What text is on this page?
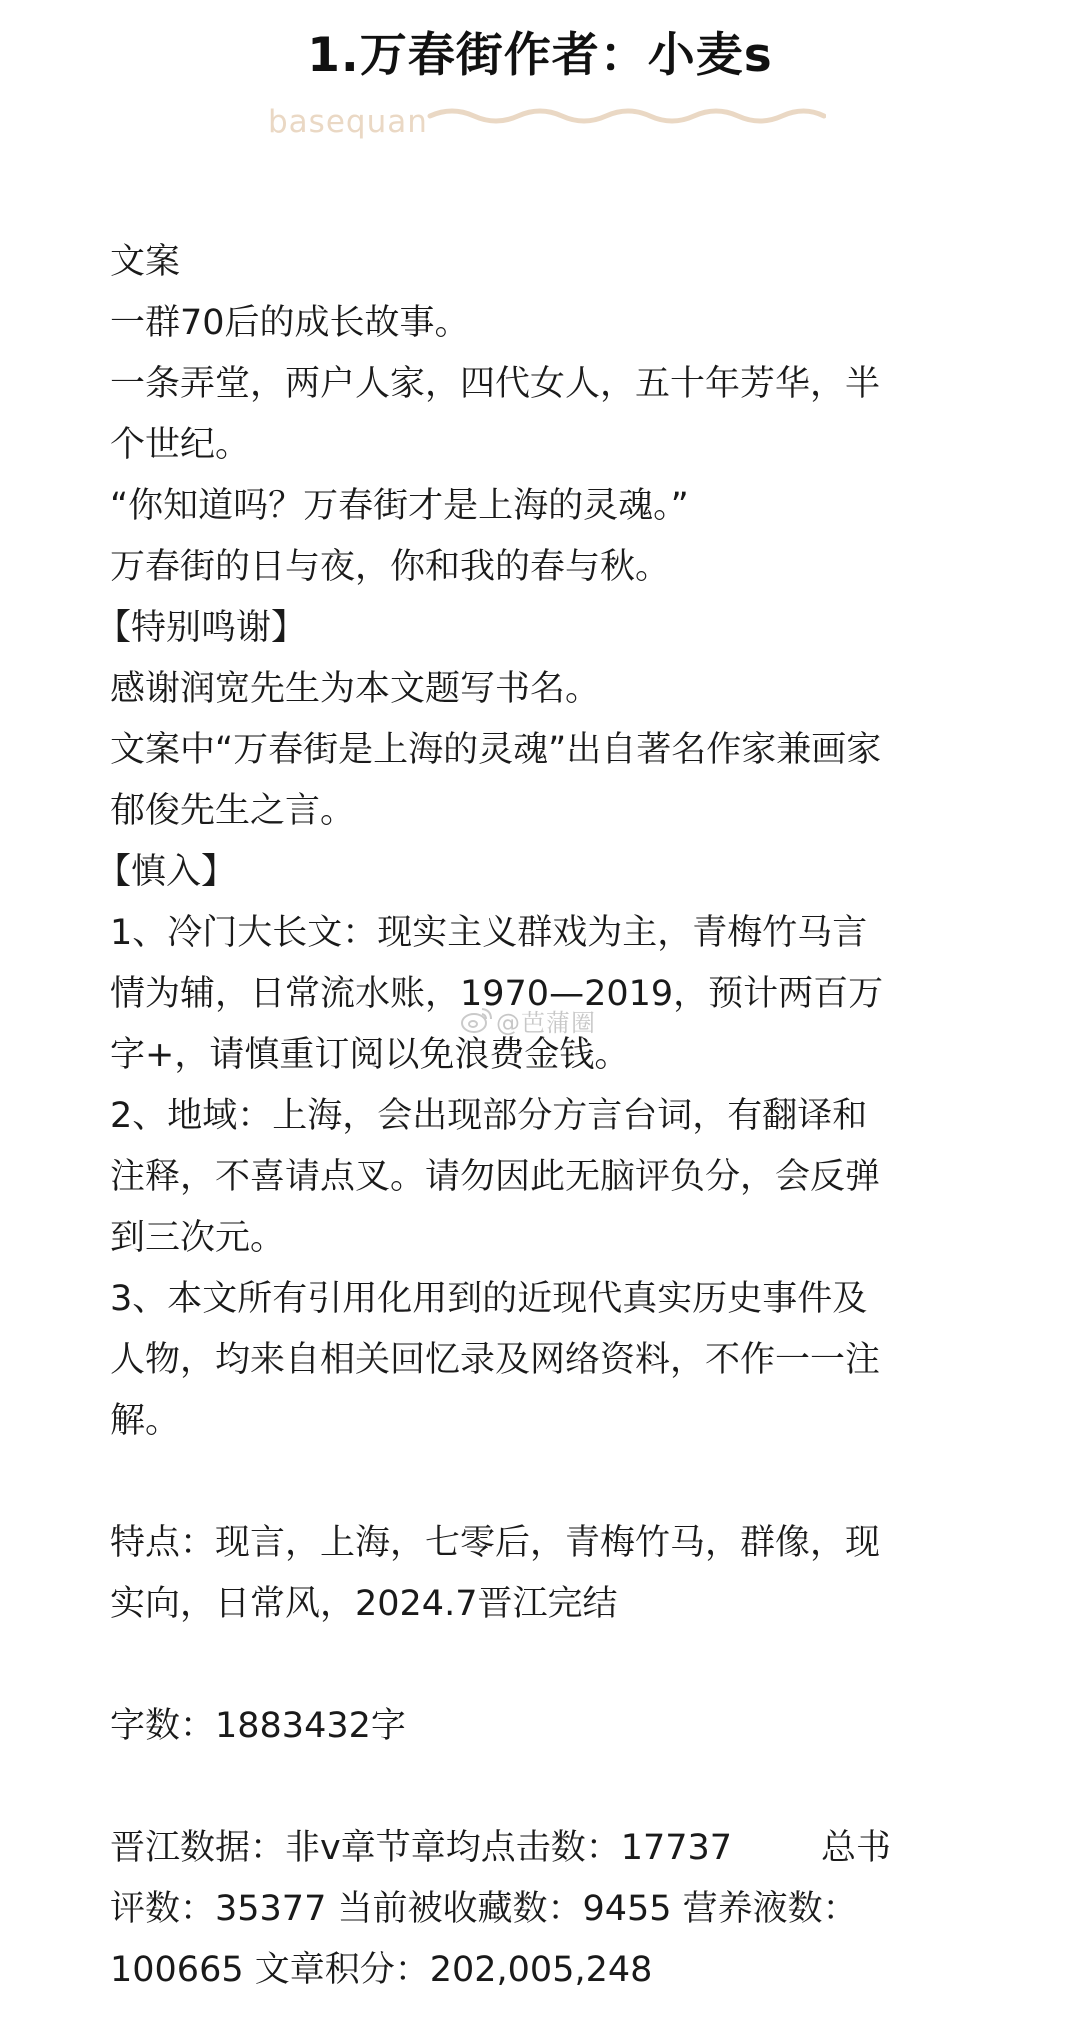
1.万春街作者：小麦s
basequan
文案
一群70后的成长故事。
一条弄堂，两户人家，四代女人，五十年芳华，半
个世纪。
“你知道吗？万春街才是上海的灵魂。”
万春街的日与夜，你和我的春与秋。
【特别鸣谢】
感谢润宽先生为本文题写书名。
文案中“万春街是上海的灵魂”出自著名作家兼画家
郁俊先生之言。
【慎入】
1、冷门大长文：现实主义群戏为主，青梅竹马言
情为辅，日常流水账，1970—2019，预计两百万
字+，请慎重订阅以免浪费金钱。
2、地域：上海，会出现部分方言台词，有翻译和
注释，不喜请点叉。请勿因此无脑评负分，会反弹
到三次元。
3、本文所有引用化用到的近现代真实历史事件及
人物，均来自相关回忆录及网络资料，不作一一注
解。
特点：现言，上海，七零后，青梅竹马，群像，现
实向，日常风，2024.7晋江完结
字数：1883432字
晋江数据：非v章节章均点击数：17737        总书
评数：35377 当前被收藏数：9455 营养液数：
100665 文章积分：202,005,248
@芭蒲圈
